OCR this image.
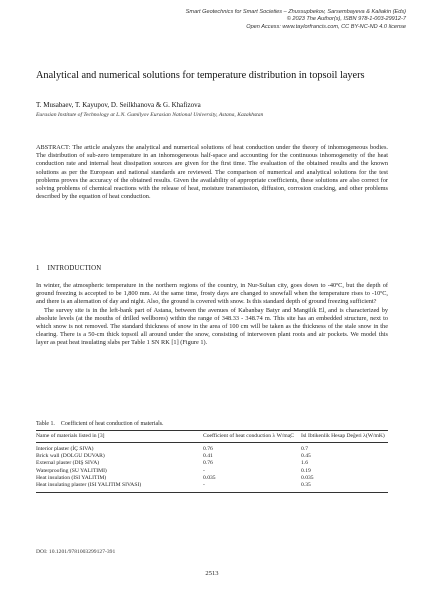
Smart Geotechnics for Smart Societies – Zhussupbekov, Sarsembayeva & Kaliakin (Eds)
© 2023 The Author(s), ISBN 978-1-003-29912-7
Open Access: www.taylorfrancis.com, CC BY-NC-ND 4.0 license
Analytical and numerical solutions for temperature distribution in topsoil layers
T. Musabaev, T. Kayupov, D. Seilkhanova & G. Khafizova
Eurasian Institute of Technology at L.N. Gumilyov Eurasian National University, Astana, Kazakhstan
ABSTRACT: The article analyzes the analytical and numerical solutions of heat conduction under the theory of inhomogeneous bodies. The distribution of sub-zero temperature in an inhomogeneous half-space and accounting for the continuous inhomogeneity of the heat conduction rate and internal heat dissipation sources are given for the first time. The evaluation of the obtained results and the known solutions as per the European and national standards are reviewed. The comparison of numerical and analytical solutions for the test problems proves the accuracy of the obtained results. Given the availability of appropriate coefficients, these solutions are also correct for solving problems of chemical reactions with the release of heat, moisture transmission, diffusion, corrosion cracking, and other problems described by the equation of heat conduction.
1 INTRODUCTION

In winter, the atmospheric temperature in the northern regions of the country, in Nur-Sultan city, goes down to -40ºC, but the depth of ground freezing is accepted to be 1,800 mm. At the same time, frosty days are changed to snowfall when the temperature rises to -10ºC, and there is an alternation of day and night. Also, the ground is covered with snow. Is this standard depth of ground freezing sufficient?

The survey site is in the left-bank part of Astana, between the avenues of Kabanbay Batyr and Mangilik El, and is characterized by absolute levels (at the mouths of drilled wellbores) within the range of 348.33 - 348.74 m. This site has an embedded structure, next to which snow is not removed. The standard thickness of snow in the area of 100 cm will be taken as the thickness of the stale snow in the clearing. There is a 50-cm thick topsoil all around under the snow, consisting of interwoven plant roots and air pockets. We model this layer as peat heat insulating slabs per Table 1 SN RK [1] (Figure 1).

Table 1. Coefficient of heat conduction of materials.
Name of materials listed in [3]	Coefficient of heat conduction λ W/mᶏC	Isl Ibtikenlik Hesap Değeri λ(W/mK)
Interior plaster (İÇ SIVA)	0.76	0.7
Brick wall (DOLGU DUVAR)	0.41	0.45
External plaster (DIŞ SIVA)	0.76	1.6
Waterproofing (SU YALITIMI)	-	0.19
Heat insulation (ISI YALITIM)	0.035	0.035
Heat insulating plaster (ISI YALITIM SIVASI)	-	0.35
DOI: 10.1201/9781003299127-391
2513
